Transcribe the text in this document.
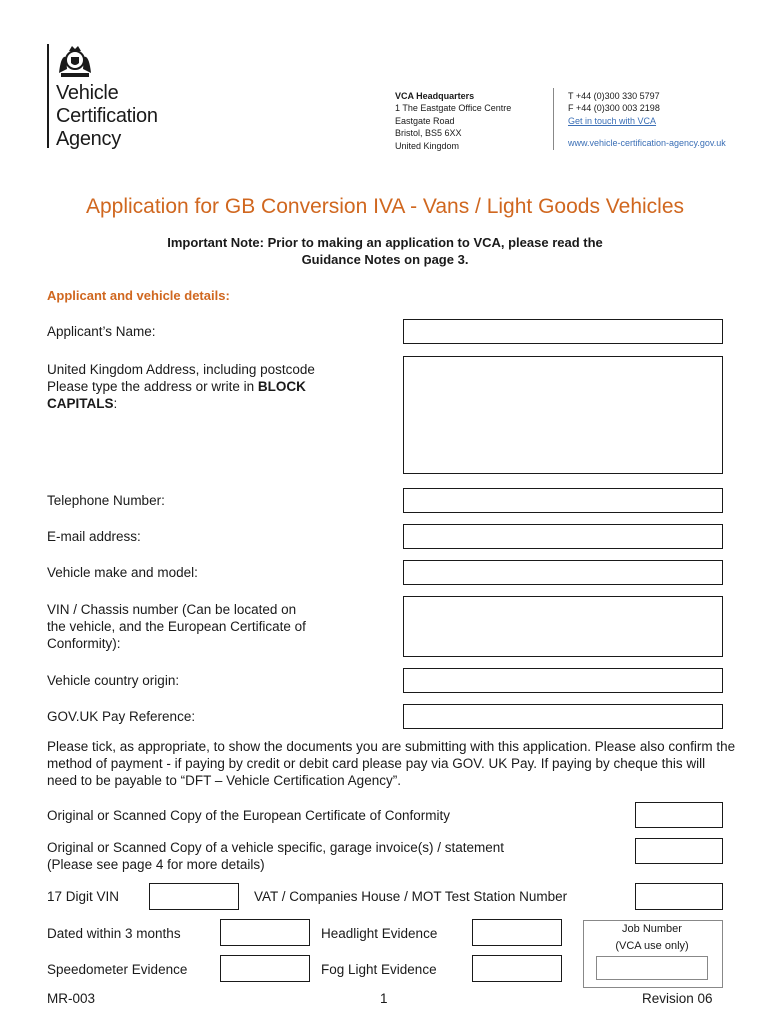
Vehicle
Certification
Agency
VCA Headquarters
1 The Eastgate Office Centre
Eastgate Road
Bristol, BS5 6XX
United Kingdom
T +44 (0)300 330 5797
F +44 (0)300 003 2198
Get in touch with VCA
www.vehicle-certification-agency.gov.uk
Application for GB Conversion IVA - Vans / Light Goods Vehicles
Important Note: Prior to making an application to VCA, please read the
Guidance Notes on page 3.
Applicant and vehicle details:
Applicant’s Name:
United Kingdom Address, including postcode
Please type the address or write in BLOCK
CAPITALS:
Telephone Number:
E-mail address:
Vehicle make and model:
VIN / Chassis number (Can be located on
the vehicle, and the European Certificate of
Conformity):
Vehicle country origin:
GOV.UK Pay Reference:
Please tick, as appropriate, to show the documents you are submitting with this application. Please also confirm the method of payment - if paying by credit or debit card please pay via GOV. UK Pay. If paying by cheque this will need to be payable to “DFT – Vehicle Certification Agency”.
Original or Scanned Copy of the European Certificate of Conformity
Original or Scanned Copy of a vehicle specific, garage invoice(s) / statement
(Please see page 4 for more details)
17 Digit VIN	VAT / Companies House / MOT Test Station Number
Dated within 3 months	Headlight Evidence
Speedometer Evidence	Fog Light Evidence
Job Number
(VCA use only)
MR-003	1	Revision 06
